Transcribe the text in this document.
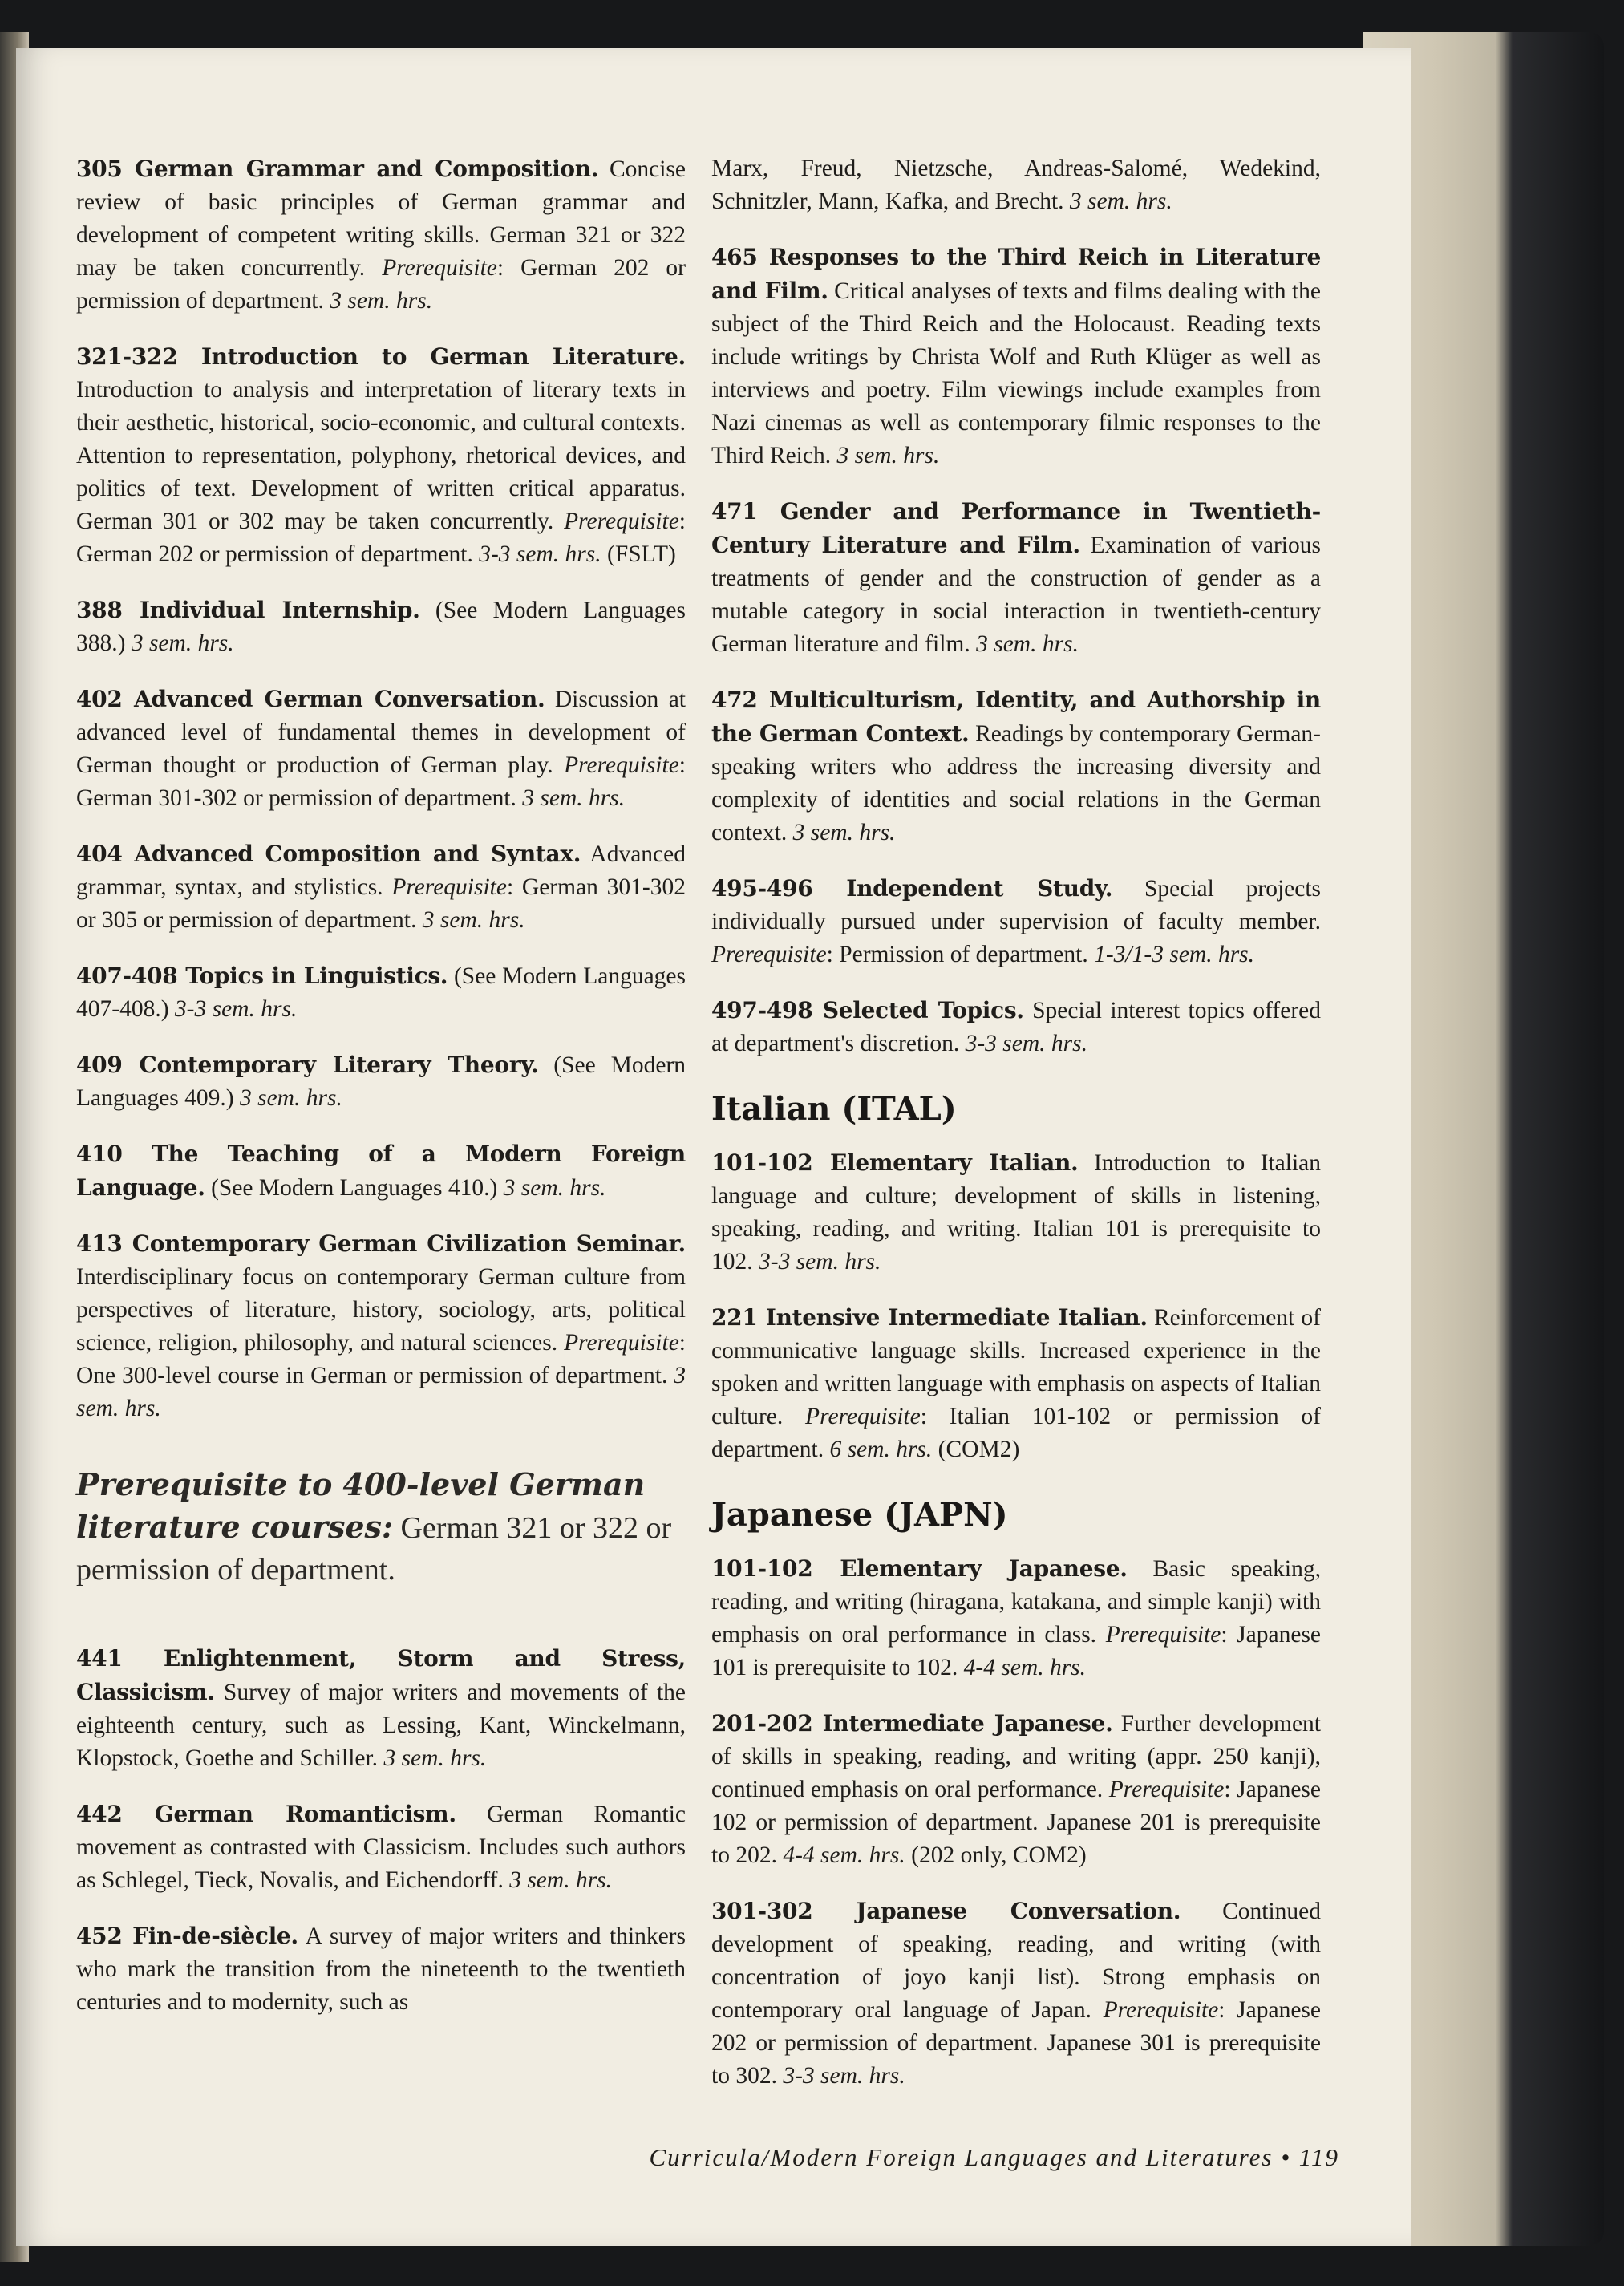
305 German Grammar and Composition. Concise review of basic principles of German grammar and development of competent writing skills. German 321 or 322 may be taken concurrently. Prerequisite: German 202 or permission of department. 3 sem. hrs.

321-322 Introduction to German Literature. Introduction to analysis and interpretation of literary texts in their aesthetic, historical, socio-economic, and cultural contexts. Attention to representation, polyphony, rhetorical devices, and politics of text. Development of written critical apparatus. German 301 or 302 may be taken concurrently. Prerequisite: German 202 or permission of department. 3-3 sem. hrs. (FSLT)

388 Individual Internship. (See Modern Languages 388.) 3 sem. hrs.

402 Advanced German Conversation. Discussion at advanced level of fundamental themes in development of German thought or production of German play. Prerequisite: German 301-302 or permission of department. 3 sem. hrs.

404 Advanced Composition and Syntax. Advanced grammar, syntax, and stylistics. Prerequisite: German 301-302 or 305 or permission of department. 3 sem. hrs.

407-408 Topics in Linguistics. (See Modern Languages 407-408.) 3-3 sem. hrs.

409 Contemporary Literary Theory. (See Modern Languages 409.) 3 sem. hrs.

410 The Teaching of a Modern Foreign Language. (See Modern Languages 410.) 3 sem. hrs.

413 Contemporary German Civilization Seminar. Interdisciplinary focus on contemporary German culture from perspectives of literature, history, sociology, arts, political science, religion, philosophy, and natural sciences. Prerequisite: One 300-level course in German or permission of department. 3 sem. hrs.

Prerequisite to 400-level German literature courses: German 321 or 322 or permission of department.

441 Enlightenment, Storm and Stress, Classicism. Survey of major writers and movements of the eighteenth century, such as Lessing, Kant, Winckelmann, Klopstock, Goethe and Schiller. 3 sem. hrs.

442 German Romanticism. German Romantic movement as contrasted with Classicism. Includes such authors as Schlegel, Tieck, Novalis, and Eichendorff. 3 sem. hrs.

452 Fin-de-siècle. A survey of major writers and thinkers who mark the transition from the nineteenth to the twentieth centuries and to modernity, such as

Marx, Freud, Nietzsche, Andreas-Salomé, Wedekind, Schnitzler, Mann, Kafka, and Brecht. 3 sem. hrs.

465 Responses to the Third Reich in Literature and Film. Critical analyses of texts and films dealing with the subject of the Third Reich and the Holocaust. Reading texts include writings by Christa Wolf and Ruth Klüger as well as interviews and poetry. Film viewings include examples from Nazi cinemas as well as contemporary filmic responses to the Third Reich. 3 sem. hrs.

471 Gender and Performance in Twentieth-Century Literature and Film. Examination of various treatments of gender and the construction of gender as a mutable category in social interaction in twentieth-century German literature and film. 3 sem. hrs.

472 Multiculturism, Identity, and Authorship in the German Context. Readings by contemporary German-speaking writers who address the increasing diversity and complexity of identities and social relations in the German context. 3 sem. hrs.

495-496 Independent Study. Special projects individually pursued under supervision of faculty member. Prerequisite: Permission of department. 1-3/1-3 sem. hrs.

497-498 Selected Topics. Special interest topics offered at department's discretion. 3-3 sem. hrs.

Italian (ITAL)

101-102 Elementary Italian. Introduction to Italian language and culture; development of skills in listening, speaking, reading, and writing. Italian 101 is prerequisite to 102. 3-3 sem. hrs.

221 Intensive Intermediate Italian. Reinforcement of communicative language skills. Increased experience in the spoken and written language with emphasis on aspects of Italian culture. Prerequisite: Italian 101-102 or permission of department. 6 sem. hrs. (COM2)

Japanese (JAPN)

101-102 Elementary Japanese. Basic speaking, reading, and writing (hiragana, katakana, and simple kanji) with emphasis on oral performance in class. Prerequisite: Japanese 101 is prerequisite to 102. 4-4 sem. hrs.

201-202 Intermediate Japanese. Further development of skills in speaking, reading, and writing (appr. 250 kanji), continued emphasis on oral performance. Prerequisite: Japanese 102 or permission of department. Japanese 201 is prerequisite to 202. 4-4 sem. hrs. (202 only, COM2)

301-302 Japanese Conversation. Continued development of speaking, reading, and writing (with concentration of joyo kanji list). Strong emphasis on contemporary oral language of Japan. Prerequisite: Japanese 202 or permission of department. Japanese 301 is prerequisite to 302. 3-3 sem. hrs.

Curricula/Modern Foreign Languages and Literatures • 119
